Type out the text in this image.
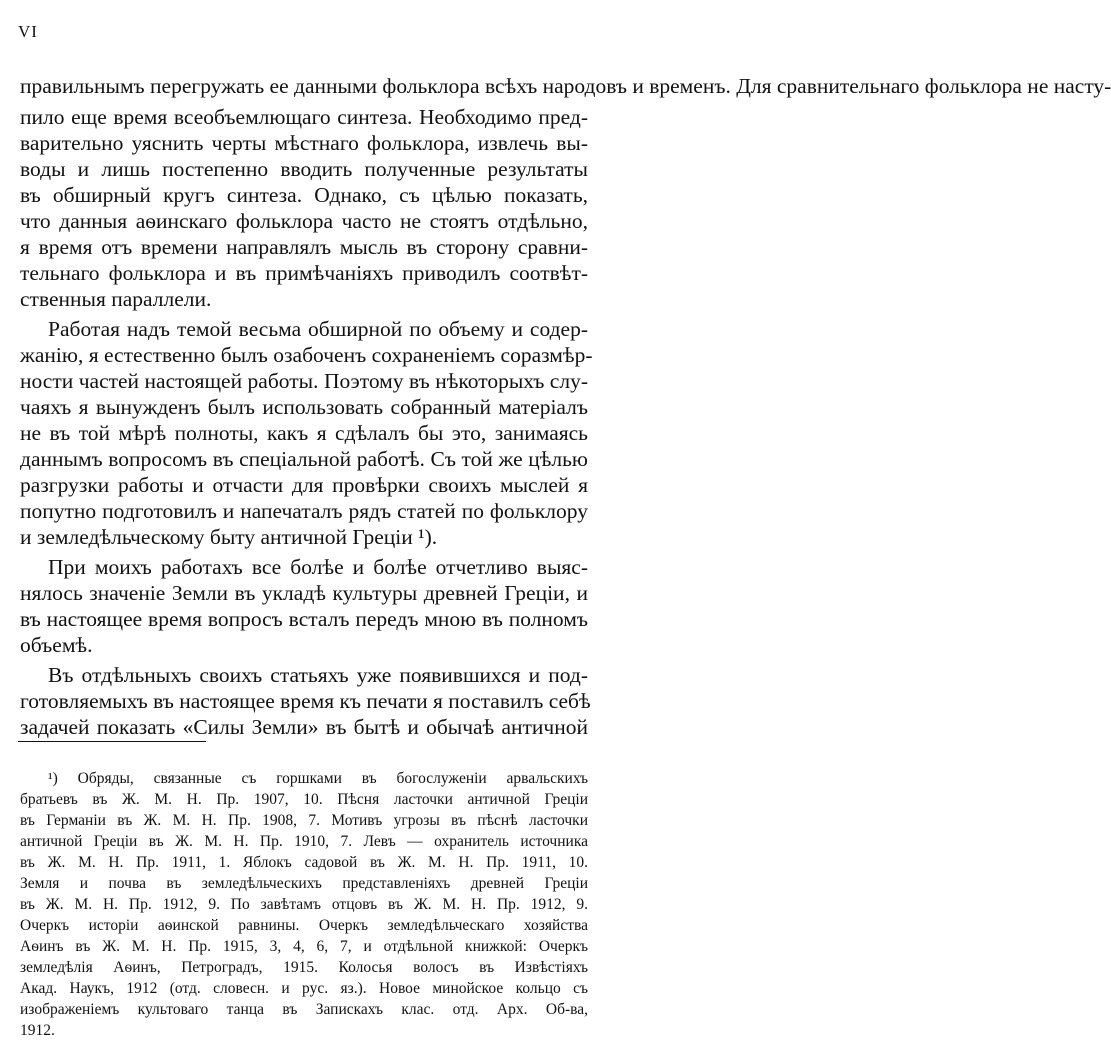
VI
правильнымъ перегружать ее данными фольклора всѣхъ народовъ и временъ. Для сравнительнаго фольклора не насту-
пило еще время всеобъемлющаго синтеза. Необходимо пред-
варительно уяснить черты мѣстнаго фольклора, извлечь вы-
воды и лишь постепенно вводить полученные результаты
въ обширный кругъ синтеза. Однако, съ цѣлью показать,
что данныя аѳинскаго фольклора часто не стоятъ отдѣльно,
я время отъ времени направлялъ мысль въ сторону сравни-
тельнаго фольклора и въ примѣчаніяхъ приводилъ соотвѣт-
ственныя параллели.
Работая надъ темой весьма обширной по объему и содер-
жанію, я естественно былъ озабоченъ сохраненіемъ соразмѣр-
ности частей настоящей работы. Поэтому въ нѣкоторыхъ слу-
чаяхъ я вынужденъ былъ использовать собранный матеріалъ
не въ той мѣрѣ полноты, какъ я сдѣлалъ бы это, занимаясь
даннымъ вопросомъ въ спеціальной работѣ. Съ той же цѣлью
разгрузки работы и отчасти для провѣрки своихъ мыслей я
попутно подготовилъ и напечаталъ рядъ статей по фольклору
и земледѣльческому быту античной Греціи ¹).
При моихъ работахъ все болѣе и болѣе отчетливо выяс-
нялось значеніе Земли въ укладѣ культуры древней Греціи, и
въ настоящее время вопросъ всталъ передъ мною въ полномъ
объемѣ.
Въ отдѣльныхъ своихъ статьяхъ уже появившихся и под-
готовляемыхъ въ настоящее время къ печати я поставилъ себѣ
задачей показать «Силы Земли» въ бытѣ и обычаѣ античной
¹) Обряды, связанные съ горшками въ богослуженіи арвальскихъ
братьевъ въ Ж. М. Н. Пр. 1907, 10. Пѣсня ласточки античной Греціи
въ Германіи въ Ж. М. Н. Пр. 1908, 7. Мотивъ угрозы въ пѣснѣ ласточки
античной Греціи въ Ж. М. Н. Пр. 1910, 7. Левъ — охранитель источника
въ Ж. М. Н. Пр. 1911, 1. Яблокъ садовой въ Ж. М. Н. Пр. 1911, 10.
Земля и почва въ земледѣльческихъ представленіяхъ древней Греціи
въ Ж. М. Н. Пр. 1912, 9. По завѣтамъ отцовъ въ Ж. М. Н. Пр. 1912, 9.
Очеркъ исторіи аѳинской равнины. Очеркъ земледѣльческаго хозяйства
Аѳинъ въ Ж. М. Н. Пр. 1915, 3, 4, 6, 7, и отдѣльной книжкой: Очеркъ
земледѣлія Аѳинъ, Петроградъ, 1915. Колосья волосъ въ Извѣстіяхъ
Акад. Наукъ, 1912 (отд. словесн. и рус. яз.). Новое минойское кольцо съ
изображеніемъ культоваго танца въ Запискахъ клас. отд. Арх. Об-ва,
1912.
